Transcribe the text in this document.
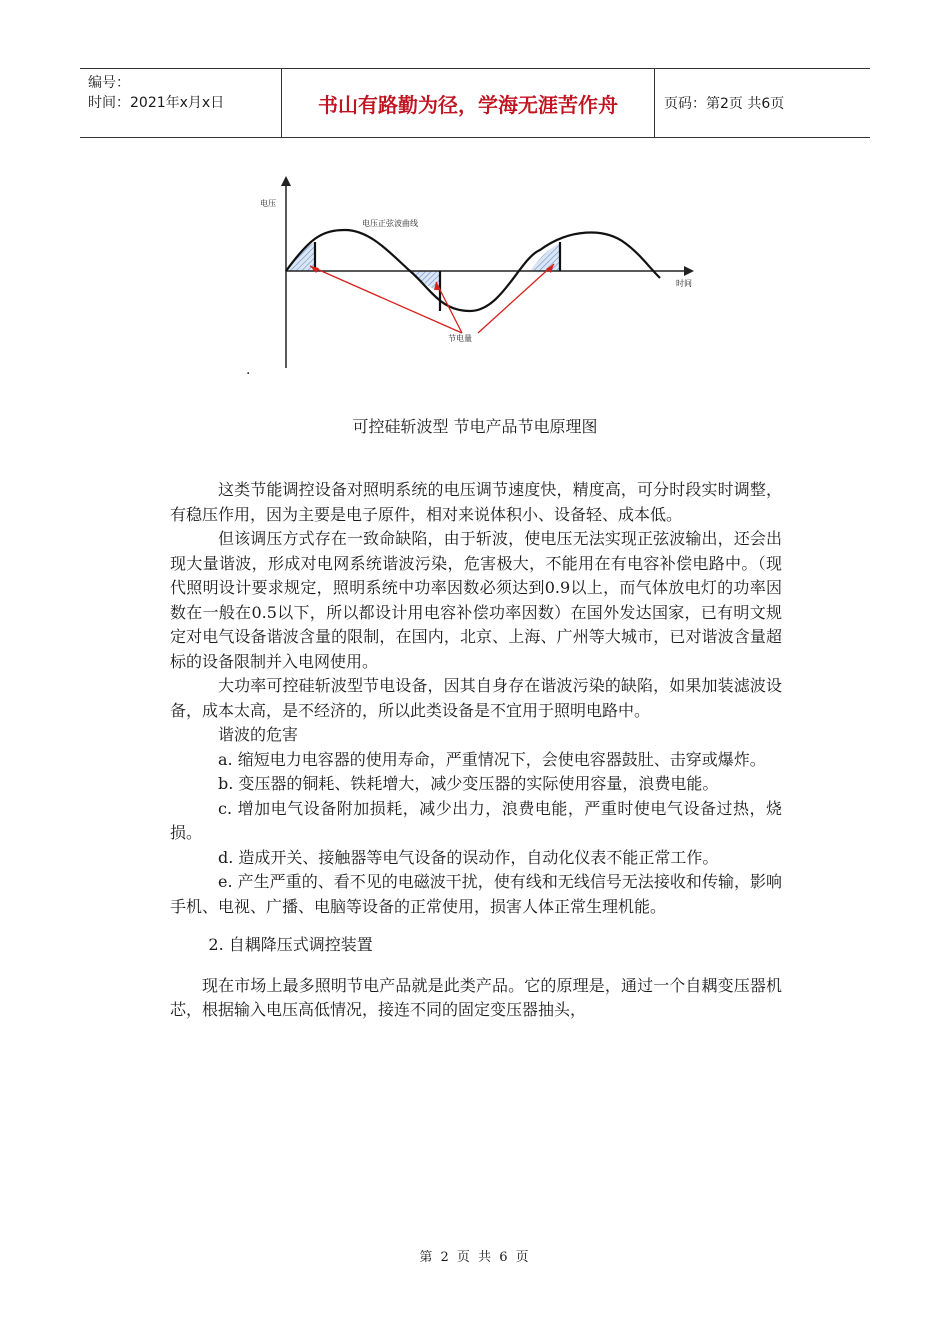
编号：
时间：2021年x月x日	书山有路勤为径，学海无涯苦作舟	页码：第2页 共6页
电压
电压正弦波曲线
时间
节电量
.
可控硅斩波型 节电产品节电原理图

这类节能调控设备对照明系统的电压调节速度快，精度高，可分时段实时调整，有稳压作用，因为主要是电子原件，相对来说体积小、设备轻、成本低。

但该调压方式存在一致命缺陷，由于斩波，使电压无法实现正弦波输出，还会出现大量谐波，形成对电网系统谐波污染，危害极大，不能用在有电容补偿电路中。（现代照明设计要求规定，照明系统中功率因数必须达到0.9以上，而气体放电灯的功率因数在一般在0.5以下，所以都设计用电容补偿功率因数）在国外发达国家，已有明文规定对电气设备谐波含量的限制，在国内，北京、上海、广州等大城市，已对谐波含量超标的设备限制并入电网使用。

大功率可控硅斩波型节电设备，因其自身存在谐波污染的缺陷，如果加装滤波设备，成本太高，是不经济的，所以此类设备是不宜用于照明电路中。

谐波的危害

a. 缩短电力电容器的使用寿命，严重情况下，会使电容器鼓肚、击穿或爆炸。

b. 变压器的铜耗、铁耗增大，减少变压器的实际使用容量，浪费电能。

c. 增加电气设备附加损耗，减少出力，浪费电能，严重时使电气设备过热，烧损。

d. 造成开关、接触器等电气设备的误动作，自动化仪表不能正常工作。

e. 产生严重的、看不见的电磁波干扰，使有线和无线信号无法接收和传输，影响手机、电视、广播、电脑等设备的正常使用，损害人体正常生理机能。

2. 自耦降压式调控装置

现在市场上最多照明节电产品就是此类产品。它的原理是，通过一个自耦变压器机芯，根据输入电压高低情况，接连不同的固定变压器抽头，

第 2 页 共 6 页
